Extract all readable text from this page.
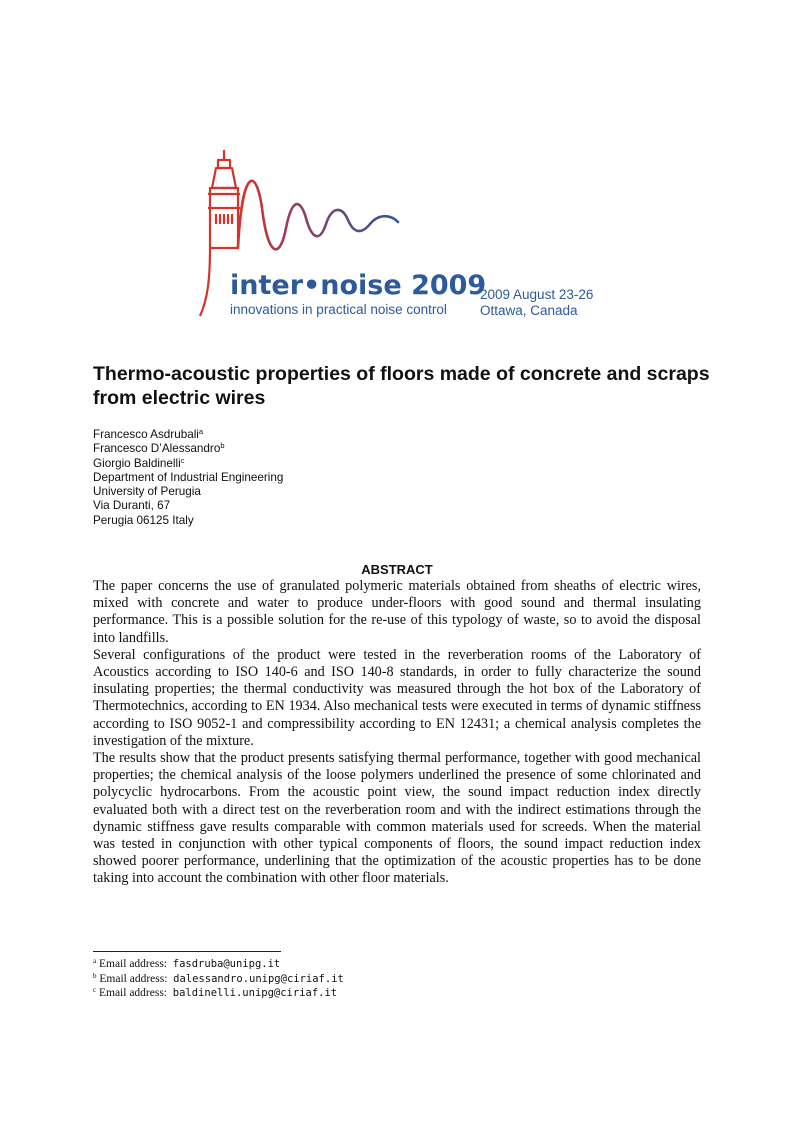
inter•noise 2009
innovations in practical noise control
2009 August 23-26
Ottawa, Canada
Thermo-acoustic properties of floors made of concrete and scraps from electric wires
Francesco Asdrubali$^a$
Francesco D’Alessandro$^b$
Giorgio Baldinelli$^c$
Department of Industrial Engineering
University of Perugia
Via Duranti, 67
Perugia 06125 Italy
ABSTRACT

The paper concerns the use of granulated polymeric materials obtained from sheaths of electric wires, mixed with concrete and water to produce under-floors with good sound and thermal insulating performance. This is a possible solution for the re-use of this typology of waste, so to avoid the disposal into landfills.

Several configurations of the product were tested in the reverberation rooms of the Laboratory of Acoustics according to ISO 140-6 and ISO 140-8 standards, in order to fully characterize the sound insulating properties; the thermal conductivity was measured through the hot box of the Laboratory of Thermotechnics, according to EN 1934. Also mechanical tests were executed in terms of dynamic stiffness according to ISO 9052-1 and compressibility according to EN 12431; a chemical analysis completes the investigation of the mixture.

The results show that the product presents satisfying thermal performance, together with good mechanical properties; the chemical analysis of the loose polymers underlined the presence of some chlorinated and polycyclic hydrocarbons. From the acoustic point view, the sound impact reduction index directly evaluated both with a direct test on the reverberation room and with the indirect estimations through the dynamic stiffness gave results comparable with common materials used for screeds. When the material was tested in conjunction with other typical components of floors, the sound impact reduction index showed poorer performance, underlining that the optimization of the acoustic properties has to be done taking into account the combination with other floor materials.

$^a$ Email address: fasdruba@unipg.it
$^b$ Email address: dalessandro.unipg@ciriaf.it
$^c$ Email address: baldinelli.unipg@ciriaf.it
